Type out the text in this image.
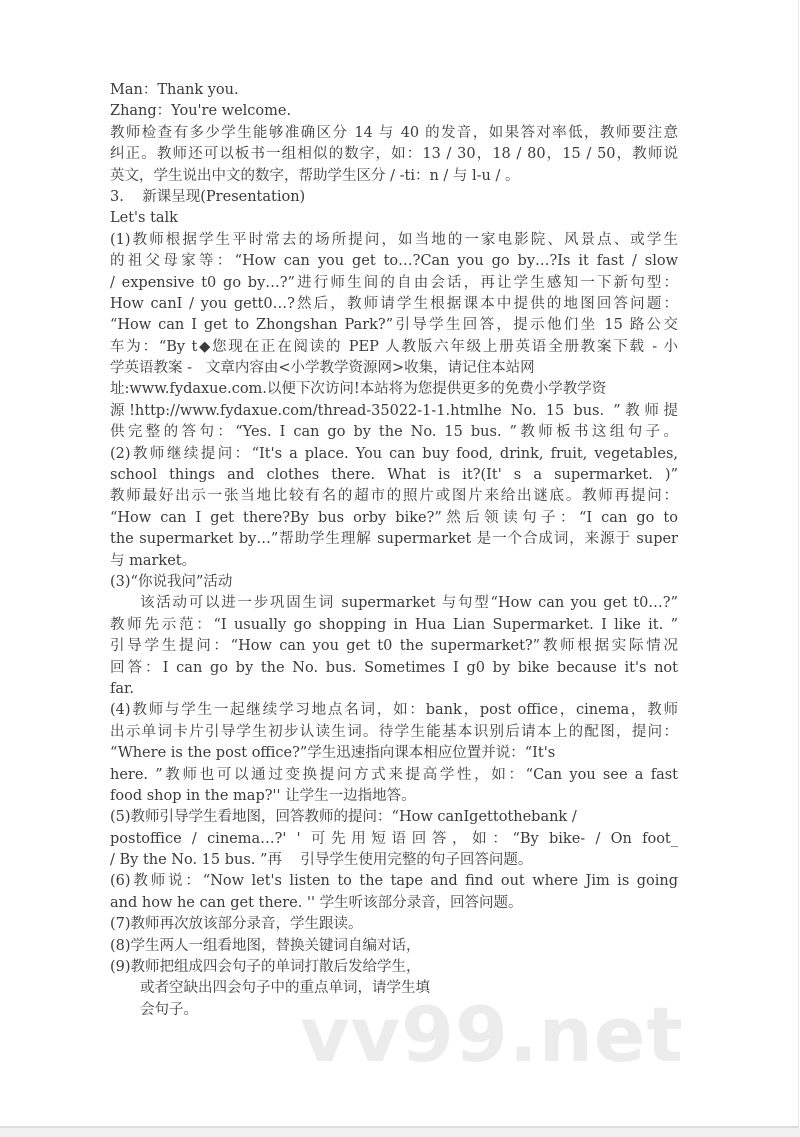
Man：Thank you.
Zhang：You're welcome.
教师检查有多少学生能够准确区分 14 与 40 的发音，如果答对率低，教师要注意
纠正。教师还可以板书一组相似的数字，如：13 / 30，18 / 80，15 / 50，教师说
英文，学生说出中文的数字，帮助学生区分 / -ti：n / 与 l-u / 。
3.    新课呈现(Presentation)
Let's talk
(1)教师根据学生平时常去的场所提问，如当地的一家电影院、风景点、或学生
的祖父母家等：“How can you get to…?Can you go by…?Is it fast / slow
/ expensive t0 go by…?”进行师生间的自由会话，再让学生感知一下新句型：
How canI / you gett0…?然后，教师请学生根据课本中提供的地图回答问题：
“How can I get to Zhongshan Park?”引导学生回答，提示他们坐 15 路公交
车为：“By t◆您现在正在阅读的 PEP 人教版六年级上册英语全册教案下载 - 小
学英语教案 -   文章内容由<小学教学资源网>收集，请记住本站网
址:www.fydaxue.com.以便下次访问!本站将为您提供更多的免费小学教学资
源!http://www.fydaxue.com/thread-35022-1-1.htmlhe No. 15 bus. ”教师提
供完整的答句：“Yes. I can go by the No. 15 bus. ”教师板书这组句子。
(2)教师继续提问：“It's a place. You can buy food, drink, fruit, vegetables,
school things and clothes there. What is it?(It' s a supermarket. )”
教师最好出示一张当地比较有名的超市的照片或图片来给出谜底。教师再提问：
“How can I get there?By bus orby bike?”然后领读句子：“I can go to
the supermarket by…”帮助学生理解 supermarket 是一个合成词，来源于 super
与 market。
(3)“你说我问”活动
该活动可以进一步巩固生词 supermarket 与句型“How can you get t0…?”
教师先示范：“I usually go shopping in Hua Lian Supermarket. I like it. ”
引导学生提问：“How can you get t0 the supermarket?”教师根据实际情况
回答：I can go by the No. bus. Sometimes I g0 by bike because it's not
far.
(4)教师与学生一起继续学习地点名词，如：bank，post office，cinema，教师
出示单词卡片引导学生初步认读生词。待学生能基本识别后请本上的配图，提问：
“Where is the post office?”学生迅速指向课本相应位置并说：“It's
here. ”教师也可以通过变换提问方式来提高学性，如：“Can you see a fast
food shop in the map?'' 让学生一边指地答。
(5)教师引导学生看地图，回答教师的提问：“How canIgettothebank /
postoffice / cinema…?' ' 可先用短语回答，如：“By bike- / On foot_
/ By the No. 15 bus. ”再    引导学生使用完整的句子回答问题。
(6)教师说：“Now let's listen to the tape and find out where Jim is going
and how he can get there. '' 学生听该部分录音，回答问题。
(7)教师再次放该部分录音，学生跟读。
(8)学生两人一组看地图，替换关键词自编对话，
(9)教师把组成四会句子的单词打散后发给学生，
或者空缺出四会句子中的重点单词，请学生填
会句子。	vv99.net
